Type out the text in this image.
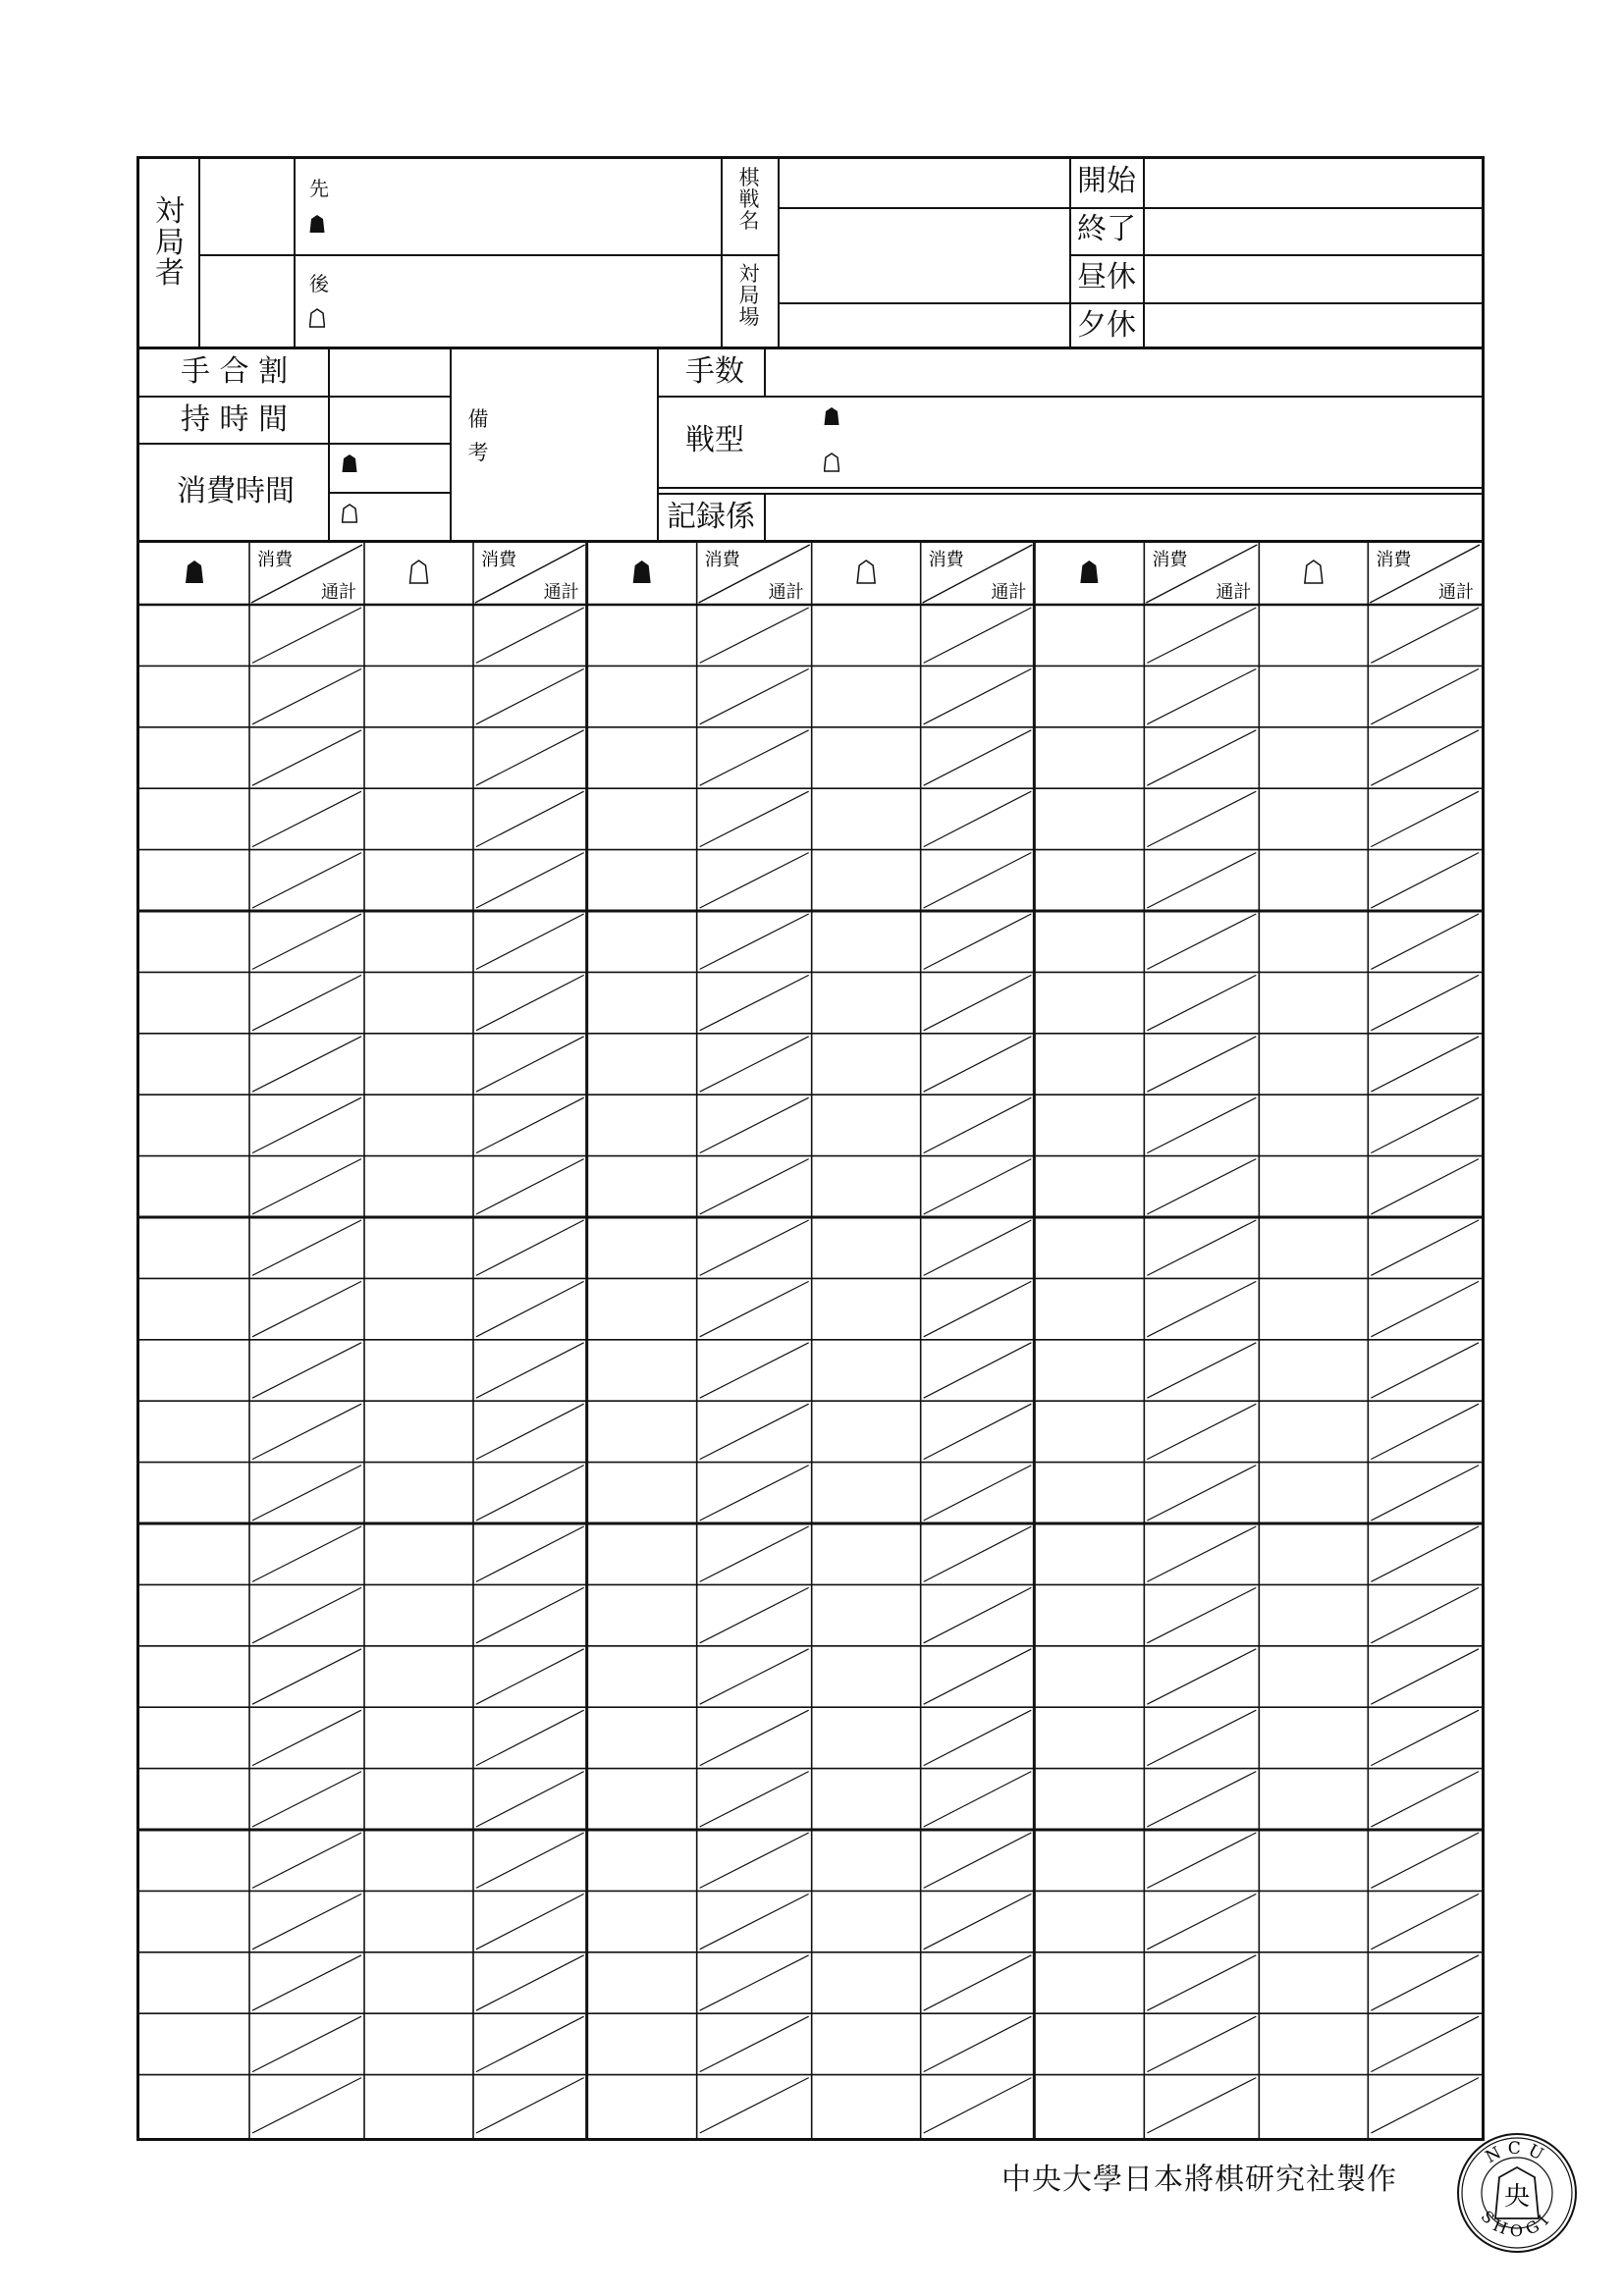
対
局
者
先
後
棋
戦
名
対
局
場
開始
終了
昼休
夕休
手 合 割
持 時 間
消費時間
備
考
手数
戦型
記録係
消費
通計
消費
通計
消費
通計
消費
通計
消費
通計
消費
通計
中央大學日本將棋研究社製作
NCU
SHOGI
央
